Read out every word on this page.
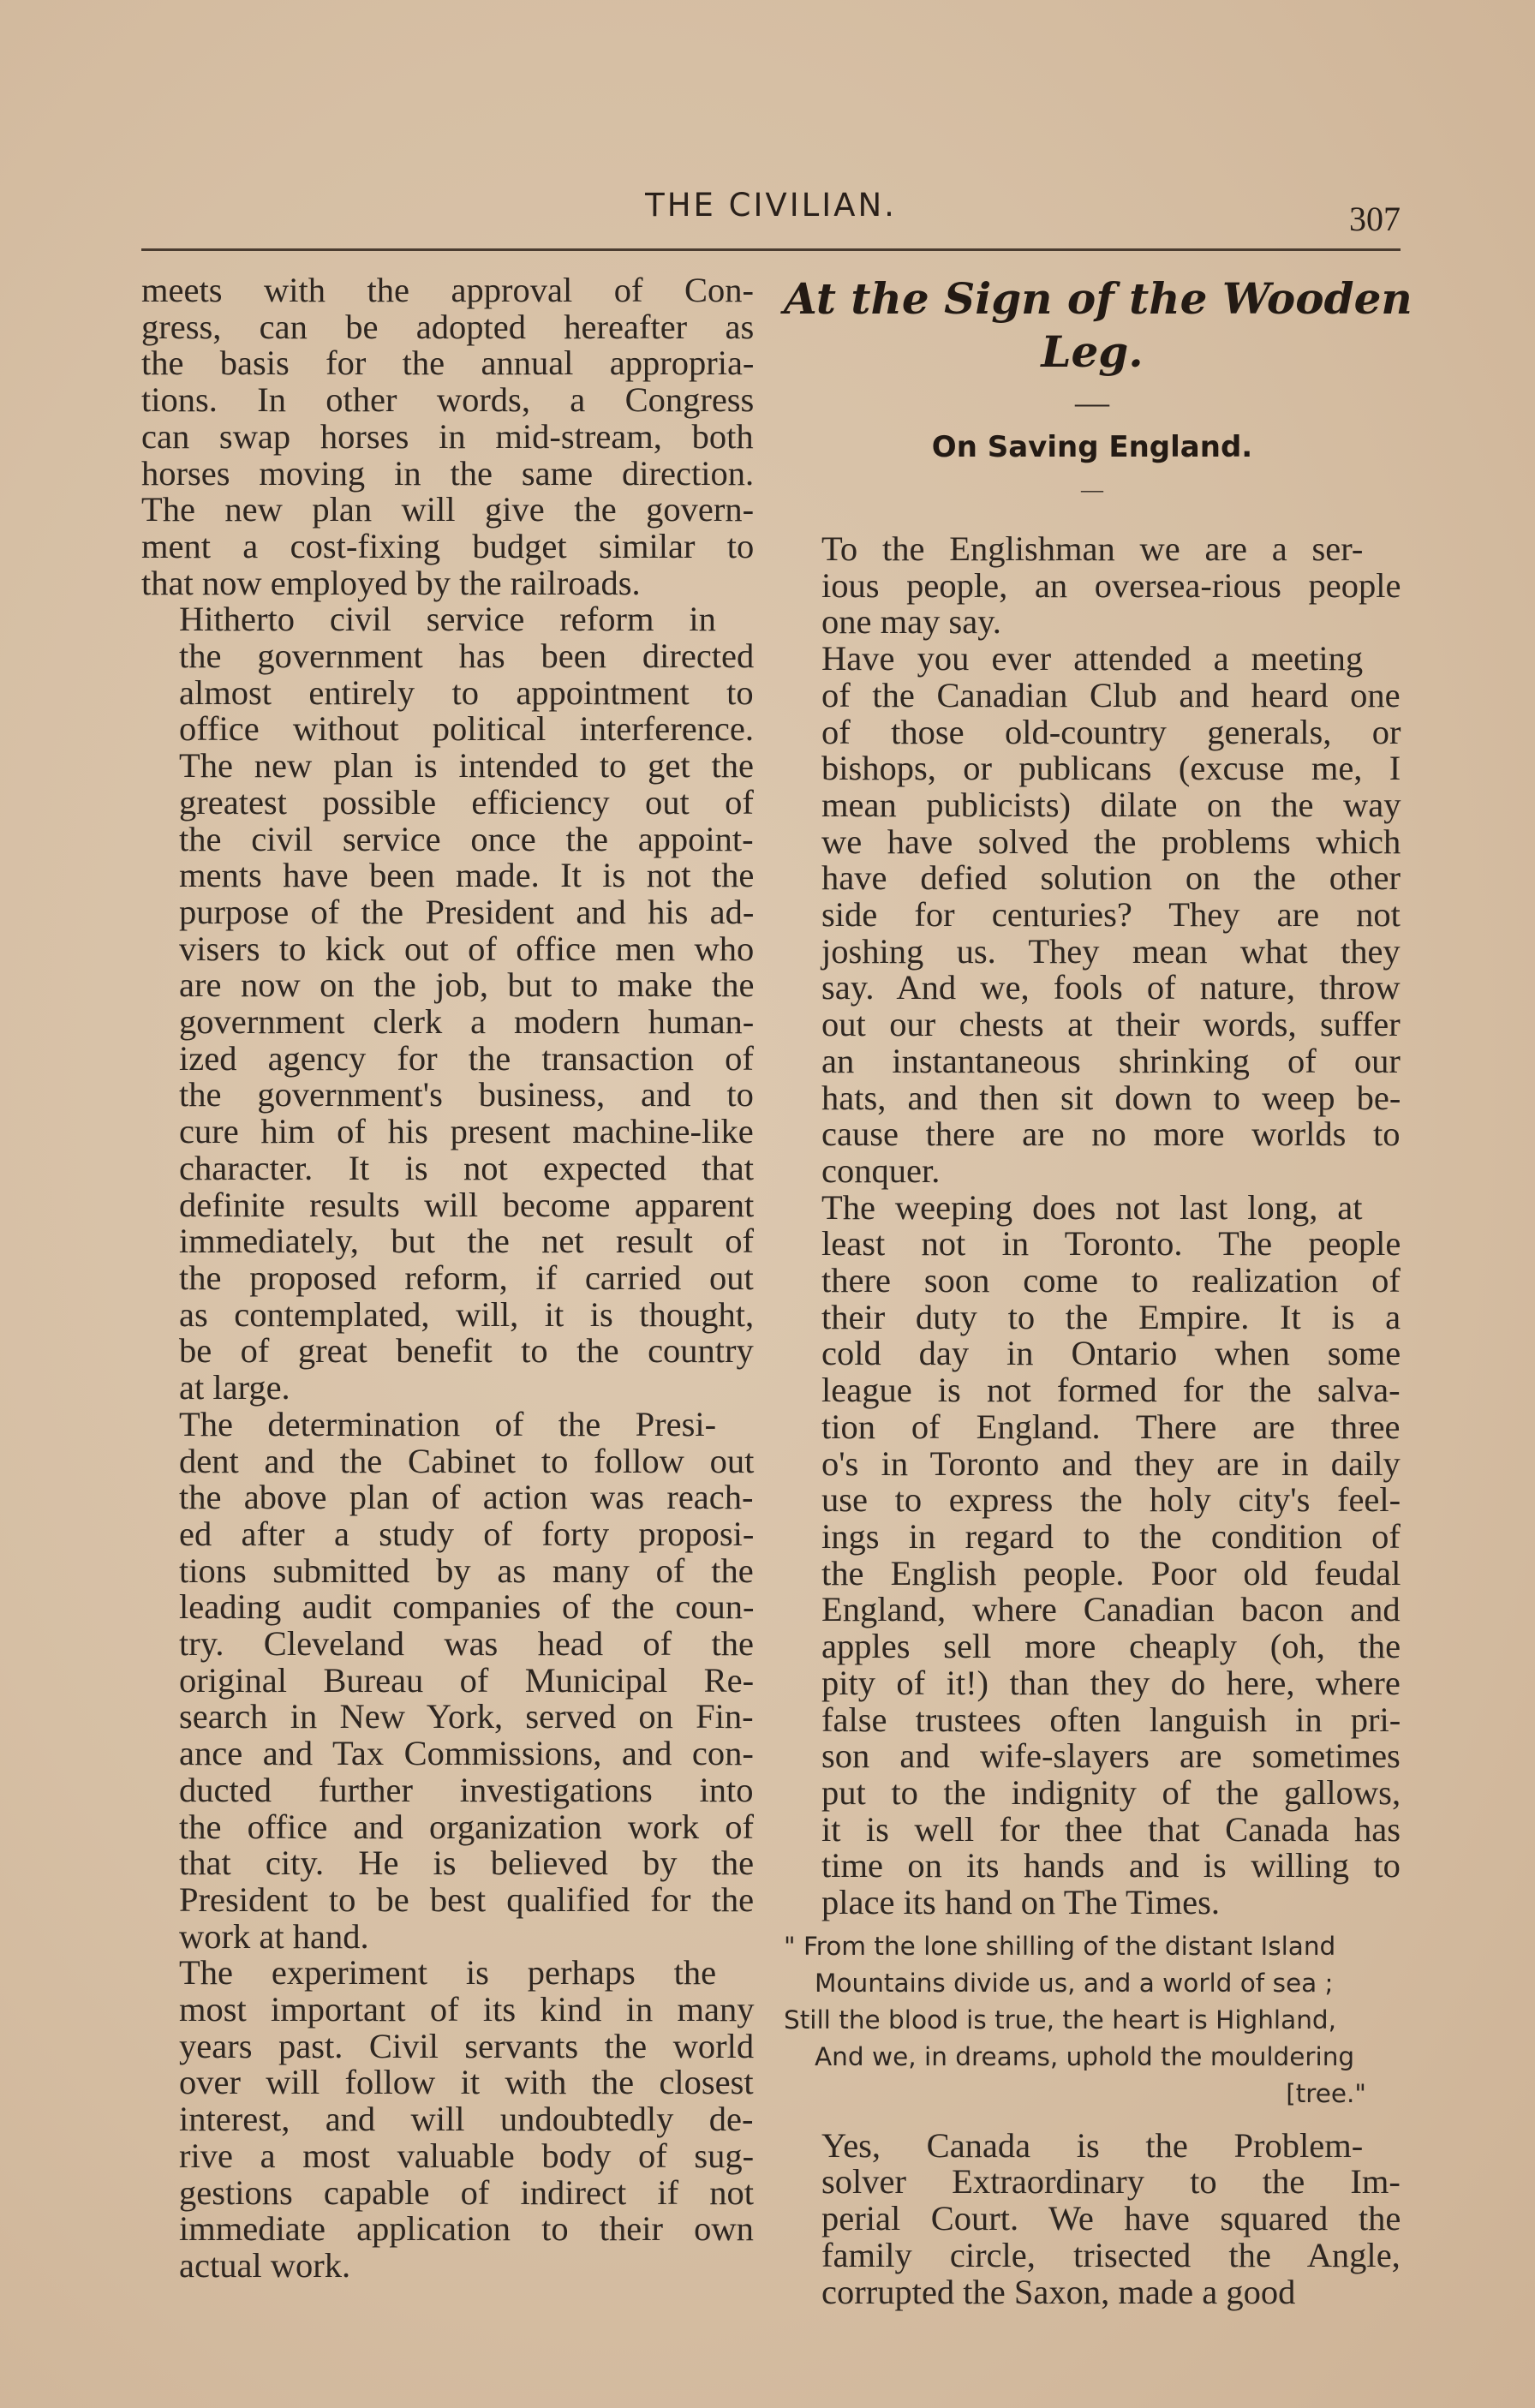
THE CIVILIAN.	307

meets with the approval of Con-
gress, can be adopted hereafter as
the basis for the annual appropria-
tions. In other words, a Congress
can swap horses in mid-stream, both
horses moving in the same direction.
The new plan will give the govern-
ment a cost-fixing budget similar to
that now employed by the railroads.

Hitherto civil service reform in
the government has been directed
almost entirely to appointment to
office without political interference.
The new plan is intended to get the
greatest possible efficiency out of
the civil service once the appoint-
ments have been made. It is not the
purpose of the President and his ad-
visers to kick out of office men who
are now on the job, but to make the
government clerk a modern human-
ized agency for the transaction of
the government's business, and to
cure him of his present machine-like
character. It is not expected that
definite results will become apparent
immediately, but the net result of
the proposed reform, if carried out
as contemplated, will, it is thought,
be of great benefit to the country
at large.

The determination of the Presi-
dent and the Cabinet to follow out
the above plan of action was reach-
ed after a study of forty proposi-
tions submitted by as many of the
leading audit companies of the coun-
try. Cleveland was head of the
original Bureau of Municipal Re-
search in New York, served on Fin-
ance and Tax Commissions, and con-
ducted further investigations into
the office and organization work of
that city. He is believed by the
President to be best qualified for the
work at hand.

The experiment is perhaps the
most important of its kind in many
years past. Civil servants the world
over will follow it with the closest
interest, and will undoubtedly de-
rive a most valuable body of sug-
gestions capable of indirect if not
immediate application to their own
actual work.

At the Sign of the Wooden
Leg.
—
On Saving England.
—

To the Englishman we are a ser-
ious people, an oversea-rious people
one may say.

Have you ever attended a meeting
of the Canadian Club and heard one
of those old-country generals, or
bishops, or publicans (excuse me, I
mean publicists) dilate on the way
we have solved the problems which
have defied solution on the other
side for centuries? They are not
joshing us. They mean what they
say. And we, fools of nature, throw
out our chests at their words, suffer
an instantaneous shrinking of our
hats, and then sit down to weep be-
cause there are no more worlds to
conquer.

The weeping does not last long, at
least not in Toronto. The people
there soon come to realization of
their duty to the Empire. It is a
cold day in Ontario when some
league is not formed for the salva-
tion of England. There are three
o's in Toronto and they are in daily
use to express the holy city's feel-
ings in regard to the condition of
the English people. Poor old feudal
England, where Canadian bacon and
apples sell more cheaply (oh, the
pity of it!) than they do here, where
false trustees often languish in pri-
son and wife-slayers are sometimes
put to the indignity of the gallows,
it is well for thee that Canada has
time on its hands and is willing to
place its hand on The Times.

" From the lone shilling of the distant Island
Mountains divide us, and a world of sea ;
Still the blood is true, the heart is Highland,
And we, in dreams, uphold the mouldering
[tree."

Yes, Canada is the Problem-
solver Extraordinary to the Im-
perial Court. We have squared the
family circle, trisected the Angle,
corrupted the Saxon, made a good
